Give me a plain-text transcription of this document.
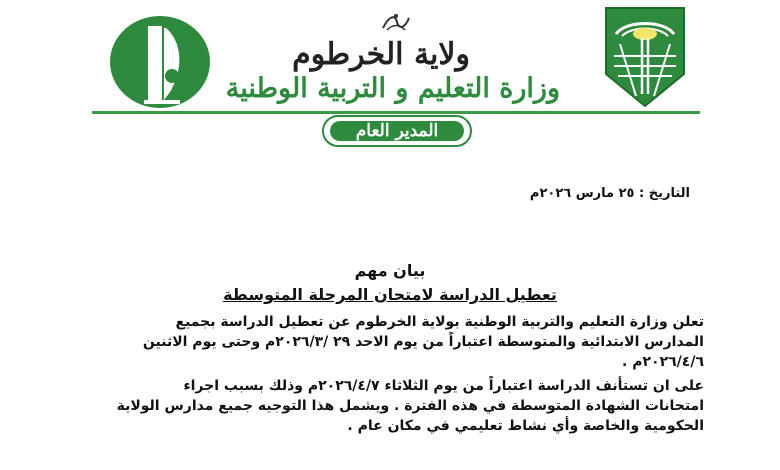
ولاية الخرطوم
وزارة التعليم و التربية الوطنية
المدير العام
التاريخ : ٢٥ مارس ٢٠٢٦م
بيان مهم
تعطيل الدراسة لامتحان المرحلة المتوسطة
تعلن وزارة التعليم والتربية الوطنية بولاية الخرطوم عن تعطيل الدراسة بجميع
المدارس الابتدائية والمتوسطة اعتباراً من يوم الاحد ٢٩ /٢٠٢٦/٣م وحتى يوم الاثنين
٢٠٢٦/٤/٦م .
على ان تستأنف الدراسة اعتباراً من يوم الثلاثاء ٢٠٢٦/٤/٧م وذلك بسبب اجراء
امتحانات الشهادة المتوسطة في هذه الفترة . ويشمل هذا التوجيه جميع مدارس الولاية
الحكومية والخاصة وأي نشاط تعليمي في مكان عام .
